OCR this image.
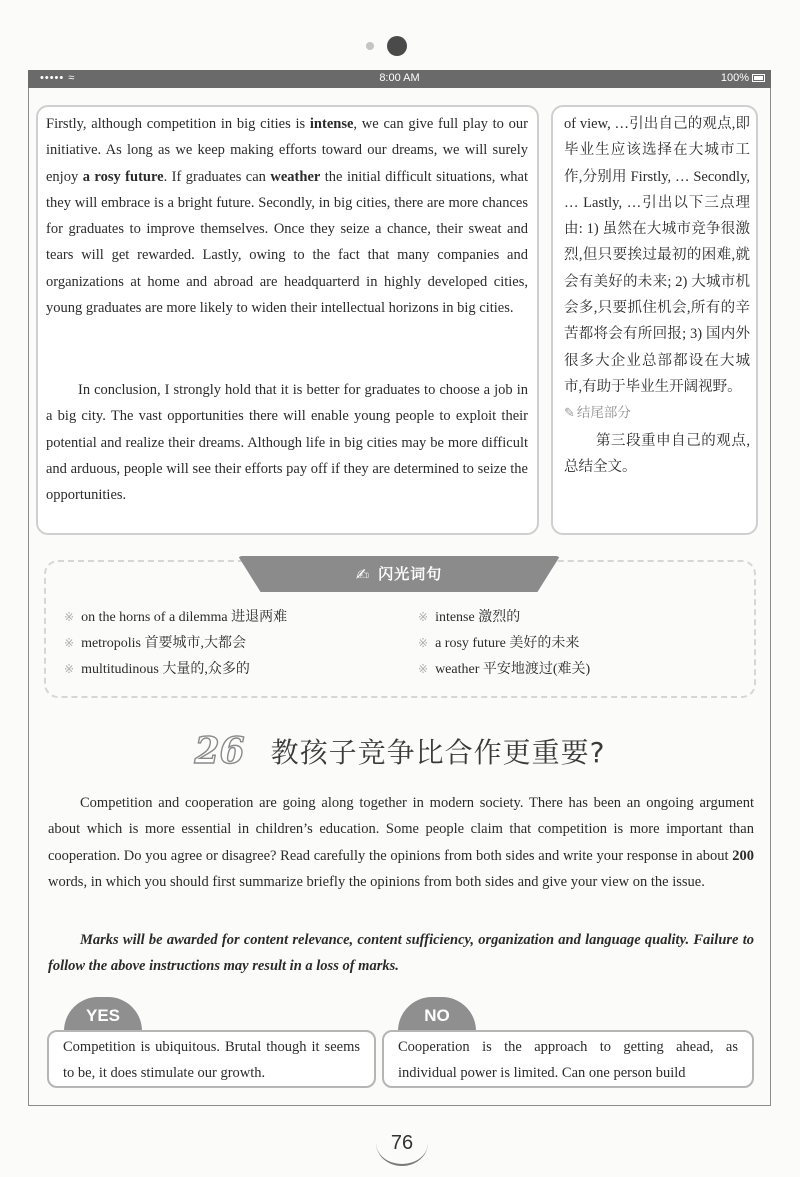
••••• ≈	8:00 AM	100%

Firstly, although competition in big cities is intense, we can give full play to our initiative. As long as we keep making efforts toward our dreams, we will surely enjoy a rosy future. If graduates can weather the initial difficult situations, what they will embrace is a bright future. Secondly, in big cities, there are more chances for graduates to improve themselves. Once they seize a chance, their sweat and tears will get rewarded. Lastly, owing to the fact that many companies and organizations at home and abroad are headquarterd in highly developed cities, young graduates are more likely to widen their intellectual horizons in big cities.

In conclusion, I strongly hold that it is better for graduates to choose a job in a big city. The vast opportunities there will enable young people to exploit their potential and realize their dreams. Although life in big cities may be more difficult and arduous, people will see their efforts pay off if they are determined to seize the opportunities.

of view, …引出自己的观点,即毕业生应该选择在大城市工作,分别用 Firstly, … Secondly, … Lastly, …引出以下三点理由: 1) 虽然在大城市竞争很激烈,但只要挨过最初的困难,就会有美好的未来; 2) 大城市机会多,只要抓住机会,所有的辛苦都将会有所回报; 3) 国内外很多大企业总部都设在大城市,有助于毕业生开阔视野。
✎ 结尾部分
第三段重申自己的观点,总结全文。
✍ 闪光词句
※ on the horns of a dilemma 进退两难	※ intense 激烈的
※ metropolis 首要城市,大都会	※ a rosy future 美好的未来
※ multitudinous 大量的,众多的	※ weather 平安地渡过(难关)
26 教孩子竞争比合作更重要?

Competition and cooperation are going along together in modern society. There has been an ongoing argument about which is more essential in children’s education. Some people claim that competition is more important than cooperation. Do you agree or disagree? Read carefully the opinions from both sides and write your response in about 200 words, in which you should first summarize briefly the opinions from both sides and give your view on the issue.

Marks will be awarded for content relevance, content sufficiency, organization and language quality. Failure to follow the above instructions may result in a loss of marks.

YES
Competition is ubiquitous. Brutal though it seems to be, it does stimulate our growth.
NO
Cooperation is the approach to getting ahead, as individual power is limited. Can one person build
76
